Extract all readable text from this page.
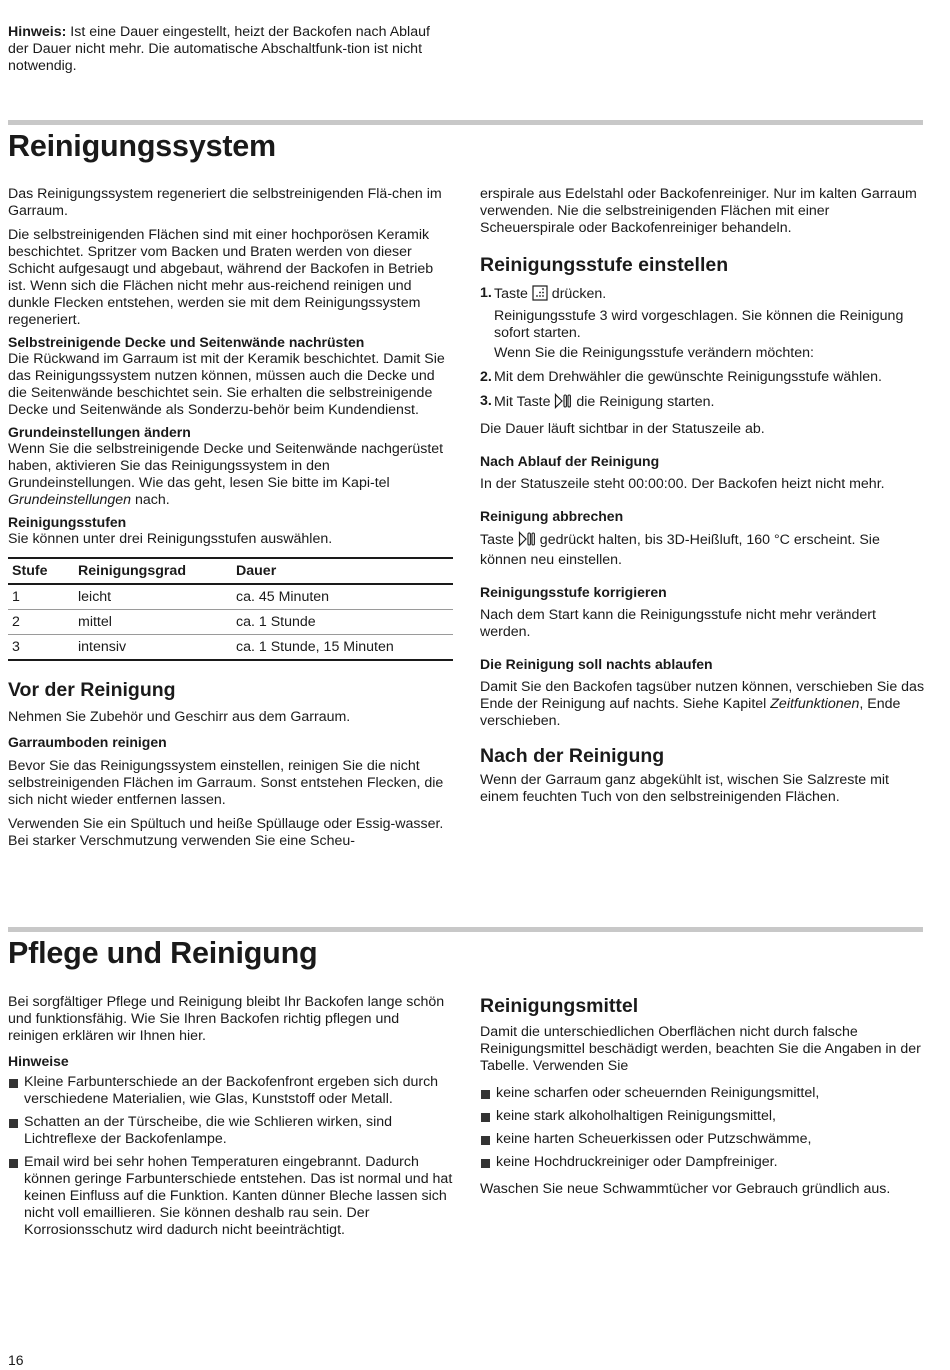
Hinweis: Ist eine Dauer eingestellt, heizt der Backofen nach Ablauf der Dauer nicht mehr. Die automatische Abschaltfunk-tion ist nicht notwendig.

Reinigungssystem

Das Reinigungssystem regeneriert die selbstreinigenden Flä-chen im Garraum.

Die selbstreinigenden Flächen sind mit einer hochporösen Keramik beschichtet. Spritzer vom Backen und Braten werden von dieser Schicht aufgesaugt und abgebaut, während der Backofen in Betrieb ist. Wenn sich die Flächen nicht mehr aus-reichend reinigen und dunkle Flecken entstehen, werden sie mit dem Reinigungssystem regeneriert.

Selbstreinigende Decke und Seitenwände nachrüsten

Die Rückwand im Garraum ist mit der Keramik beschichtet. Damit Sie das Reinigungssystem nutzen können, müssen auch die Decke und die Seitenwände beschichtet sein. Sie erhalten die selbstreinigende Decke und Seitenwände als Sonderzu-behör beim Kundendienst.

Grundeinstellungen ändern

Wenn Sie die selbstreinigende Decke und Seitenwände nachgerüstet haben, aktivieren Sie das Reinigungssystem in den Grundeinstellungen. Wie das geht, lesen Sie bitte im Kapi-tel Grundeinstellungen nach.

Reinigungsstufen

Sie können unter drei Reinigungsstufen auswählen.

Stufe	Reinigungsgrad	Dauer
1	leicht	ca. 45 Minuten
2	mittel	ca. 1 Stunde
3	intensiv	ca. 1 Stunde, 15 Minuten

Vor der Reinigung

Nehmen Sie Zubehör und Geschirr aus dem Garraum.

Garraumboden reinigen

Bevor Sie das Reinigungssystem einstellen, reinigen Sie die nicht selbstreinigenden Flächen im Garraum. Sonst entstehen Flecken, die sich nicht wieder entfernen lassen.

Verwenden Sie ein Spültuch und heiße Spüllauge oder Essig-wasser. Bei starker Verschmutzung verwenden Sie eine Scheu-

erspirale aus Edelstahl oder Backofenreiniger. Nur im kalten Garraum verwenden. Nie die selbstreinigenden Flächen mit einer Scheuerspirale oder Backofenreiniger behandeln.

Reinigungsstufe einstellen

1. Taste  drücken.

Reinigungsstufe 3 wird vorgeschlagen. Sie können die Reinigung sofort starten.

Wenn Sie die Reinigungsstufe verändern möchten:

2. Mit dem Drehwähler die gewünschte Reinigungsstufe wählen.
3. Mit Taste  die Reinigung starten.

Die Dauer läuft sichtbar in der Statuszeile ab.

Nach Ablauf der Reinigung

In der Statuszeile steht 00:00:00. Der Backofen heizt nicht mehr.

Reinigung abbrechen

Taste  gedrückt halten, bis 3D-Heißluft, 160 °C erscheint. Sie können neu einstellen.

Reinigungsstufe korrigieren

Nach dem Start kann die Reinigungsstufe nicht mehr verändert werden.

Die Reinigung soll nachts ablaufen

Damit Sie den Backofen tagsüber nutzen können, verschieben Sie das Ende der Reinigung auf nachts. Siehe Kapitel Zeitfunktionen, Ende verschieben.

Nach der Reinigung

Wenn der Garraum ganz abgekühlt ist, wischen Sie Salzreste mit einem feuchten Tuch von den selbstreinigenden Flächen.

Pflege und Reinigung

Bei sorgfältiger Pflege und Reinigung bleibt Ihr Backofen lange schön und funktionsfähig. Wie Sie Ihren Backofen richtig pflegen und reinigen erklären wir Ihnen hier.

Hinweise

Kleine Farbunterschiede an der Backofenfront ergeben sich durch verschiedene Materialien, wie Glas, Kunststoff oder Metall.
Schatten an der Türscheibe, die wie Schlieren wirken, sind Lichtreflexe der Backofenlampe.
Email wird bei sehr hohen Temperaturen eingebrannt. Dadurch können geringe Farbunterschiede entstehen. Das ist normal und hat keinen Einfluss auf die Funktion. Kanten dünner Bleche lassen sich nicht voll emaillieren. Sie können deshalb rau sein. Der Korrosionsschutz wird dadurch nicht beeinträchtigt.

Reinigungsmittel

Damit die unterschiedlichen Oberflächen nicht durch falsche Reinigungsmittel beschädigt werden, beachten Sie die Angaben in der Tabelle. Verwenden Sie

keine scharfen oder scheuernden Reinigungsmittel,
keine stark alkoholhaltigen Reinigungsmittel,
keine harten Scheuerkissen oder Putzschwämme,
keine Hochdruckreiniger oder Dampfreiniger.

Waschen Sie neue Schwammtücher vor Gebrauch gründlich aus.

16
